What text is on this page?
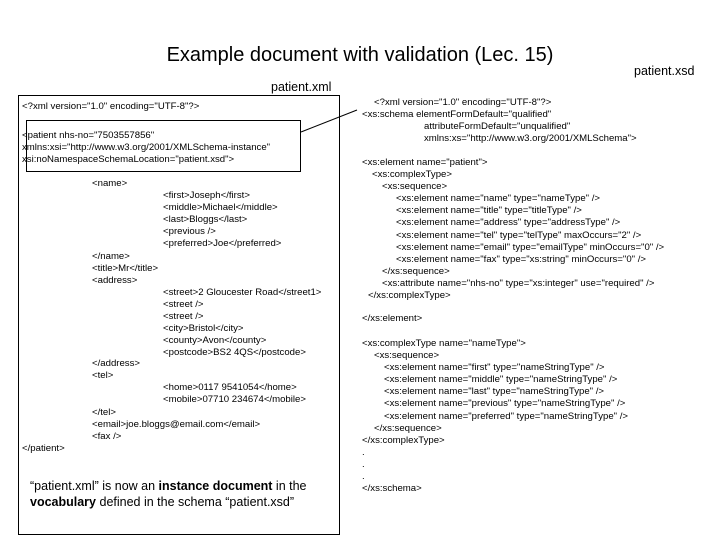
Example document with validation (Lec. 15)
patient.xml
<?xml version="1.0" encoding="UTF-8"?>
<patient nhs-no="7503557856"
xmlns:xsi="http://www.w3.org/2001/XMLSchema-instance"
xsi:noNamespaceSchemaLocation="patient.xsd">
<name>
<first>Joseph</first>
<middle>Michael</middle>
<last>Bloggs</last>
<previous />
<preferred>Joe</preferred>
</name>
<title>Mr</title>
<address>
<street>2 Gloucester Road</street1>
<street />
<street />
<city>Bristol</city>
<county>Avon</county>
<postcode>BS2 4QS</postcode>
</address>
<tel>
<home>0117 9541054</home>
<mobile>07710 234674</mobile>
</tel>
<email>joe.bloggs@email.com</email>
<fax />
</patient>
“patient.xml” is now an instance document in the vocabulary defined in the schema “patient.xsd”
patient.xsd
<?xml version="1.0" encoding="UTF-8"?>
<xs:schema elementFormDefault="qualified"
attributeFormDefault="unqualified"
xmlns:xs="http://www.w3.org/2001/XMLSchema">
<xs:element name="patient">
<xs:complexType>
<xs:sequence>
<xs:element name="name" type="nameType" />
<xs:element name="title" type="titleType" />
<xs:element name="address" type="addressType" />
<xs:element name="tel" type="telType" maxOccurs="2" />
<xs:element name="email" type="emailType" minOccurs="0" />
<xs:element name="fax" type="xs:string" minOccurs="0" />
</xs:sequence>
<xs:attribute name="nhs-no" type="xs:integer" use="required" />
</xs:complexType>
</xs:element>
<xs:complexType name="nameType">
<xs:sequence>
<xs:element name="first" type="nameStringType" />
<xs:element name="middle" type="nameStringType" />
<xs:element name="last" type="nameStringType" />
<xs:element name="previous" type="nameStringType" />
<xs:element name="preferred" type="nameStringType" />
</xs:sequence>
</xs:complexType>
.
.
.
</xs:schema>
